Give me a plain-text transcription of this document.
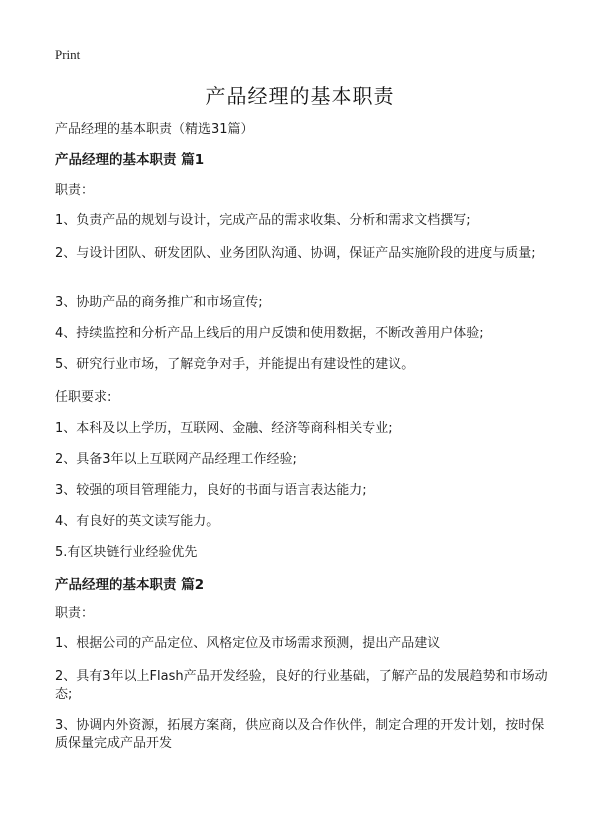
Print
产品经理的基本职责
产品经理的基本职责（精选31篇）
产品经理的基本职责 篇1
职责：
1、负责产品的规划与设计，完成产品的需求收集、分析和需求文档撰写;
2、与设计团队、研发团队、业务团队沟通、协调，保证产品实施阶段的进度与质量;
3、协助产品的商务推广和市场宣传;
4、持续监控和分析产品上线后的用户反馈和使用数据，不断改善用户体验;
5、研究行业市场，了解竞争对手，并能提出有建设性的建议。
任职要求:
1、本科及以上学历，互联网、金融、经济等商科相关专业;
2、具备3年以上互联网产品经理工作经验;
3、较强的项目管理能力，良好的书面与语言表达能力;
4、有良好的英文读写能力。
5.有区块链行业经验优先
产品经理的基本职责 篇2
职责：
1、根据公司的产品定位、风格定位及市场需求预测，提出产品建议
2、具有3年以上Flash产品开发经验，良好的行业基础，了解产品的发展趋势和市场动态;
3、协调内外资源，拓展方案商，供应商以及合作伙伴，制定合理的开发计划，按时保质保量完成产品开发
